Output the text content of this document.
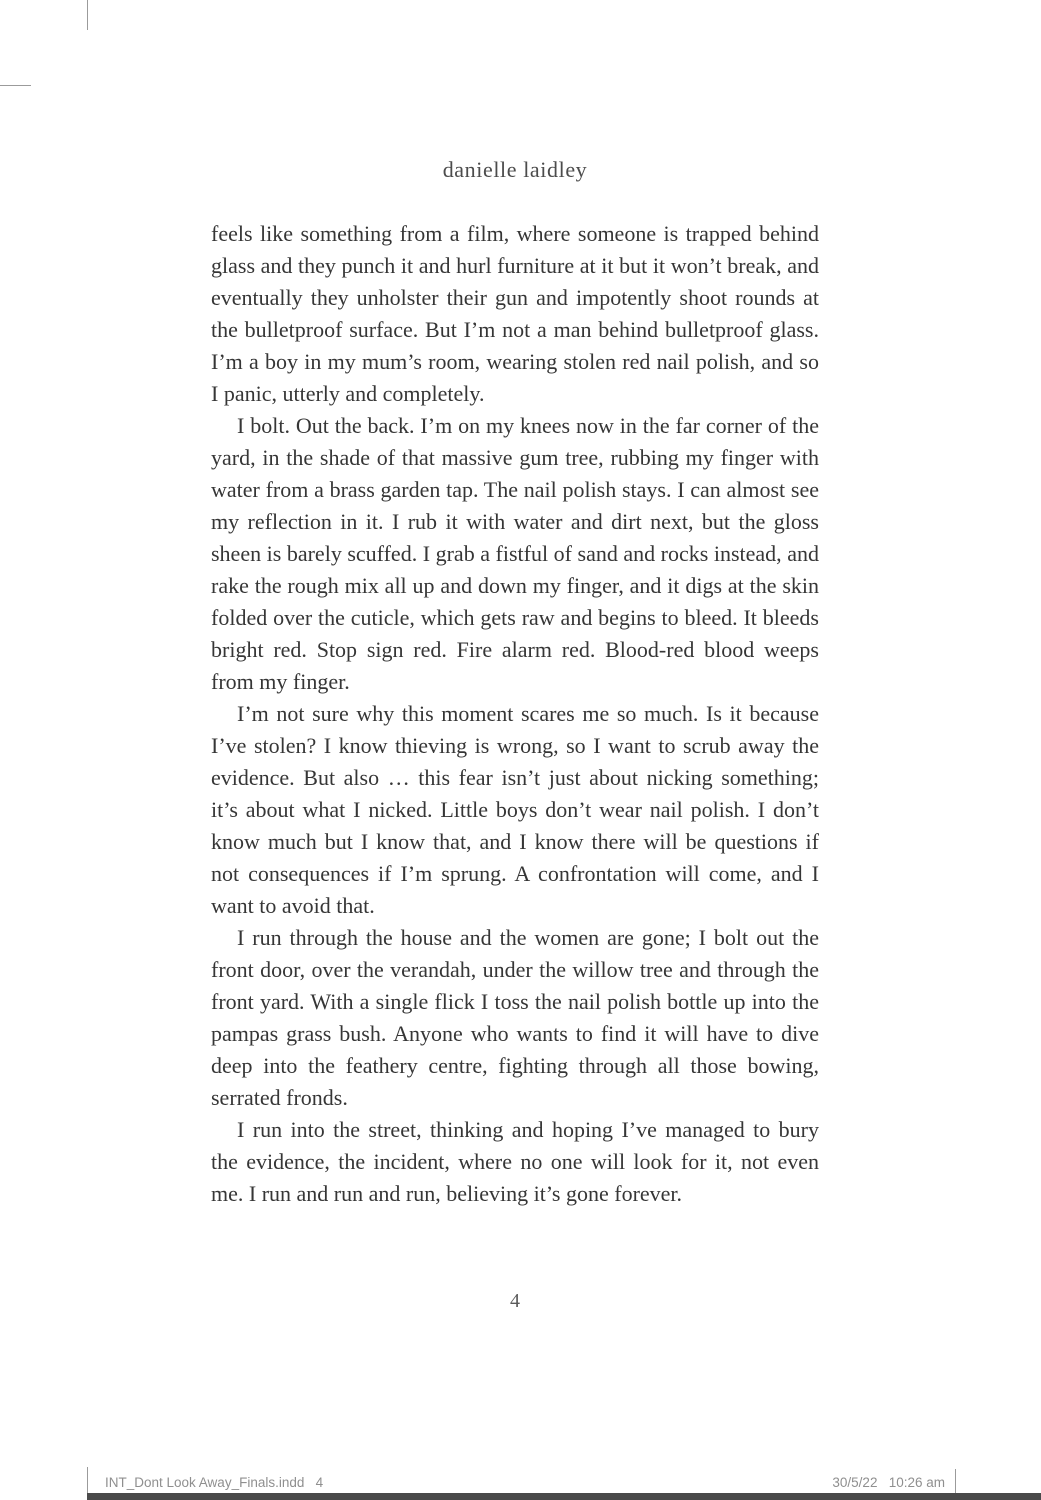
danielle laidley

feels like something from a film, where someone is trapped behind glass and they punch it and hurl furniture at it but it won’t break, and eventually they unholster their gun and impotently shoot rounds at the bulletproof surface. But I’m not a man behind bulletproof glass. I’m a boy in my mum’s room, wearing stolen red nail polish, and so I panic, utterly and completely.

I bolt. Out the back. I’m on my knees now in the far corner of the yard, in the shade of that massive gum tree, rubbing my finger with water from a brass garden tap. The nail polish stays. I can almost see my reflection in it. I rub it with water and dirt next, but the gloss sheen is barely scuffed. I grab a fistful of sand and rocks instead, and rake the rough mix all up and down my finger, and it digs at the skin folded over the cuticle, which gets raw and begins to bleed. It bleeds bright red. Stop sign red. Fire alarm red. Blood-red blood weeps from my finger.

I’m not sure why this moment scares me so much. Is it because I’ve stolen? I know thieving is wrong, so I want to scrub away the evidence. But also … this fear isn’t just about nicking something; it’s about what I nicked. Little boys don’t wear nail polish. I don’t know much but I know that, and I know there will be questions if not consequences if I’m sprung. A confrontation will come, and I want to avoid that.

I run through the house and the women are gone; I bolt out the front door, over the verandah, under the willow tree and through the front yard. With a single flick I toss the nail polish bottle up into the pampas grass bush. Anyone who wants to find it will have to dive deep into the feathery centre, fighting through all those bowing, serrated fronds.

I run into the street, thinking and hoping I’ve managed to bury the evidence, the incident, where no one will look for it, not even me. I run and run and run, believing it’s gone forever.

4
INT_Dont Look Away_Finals.indd   4	30/5/22   10:26 am
